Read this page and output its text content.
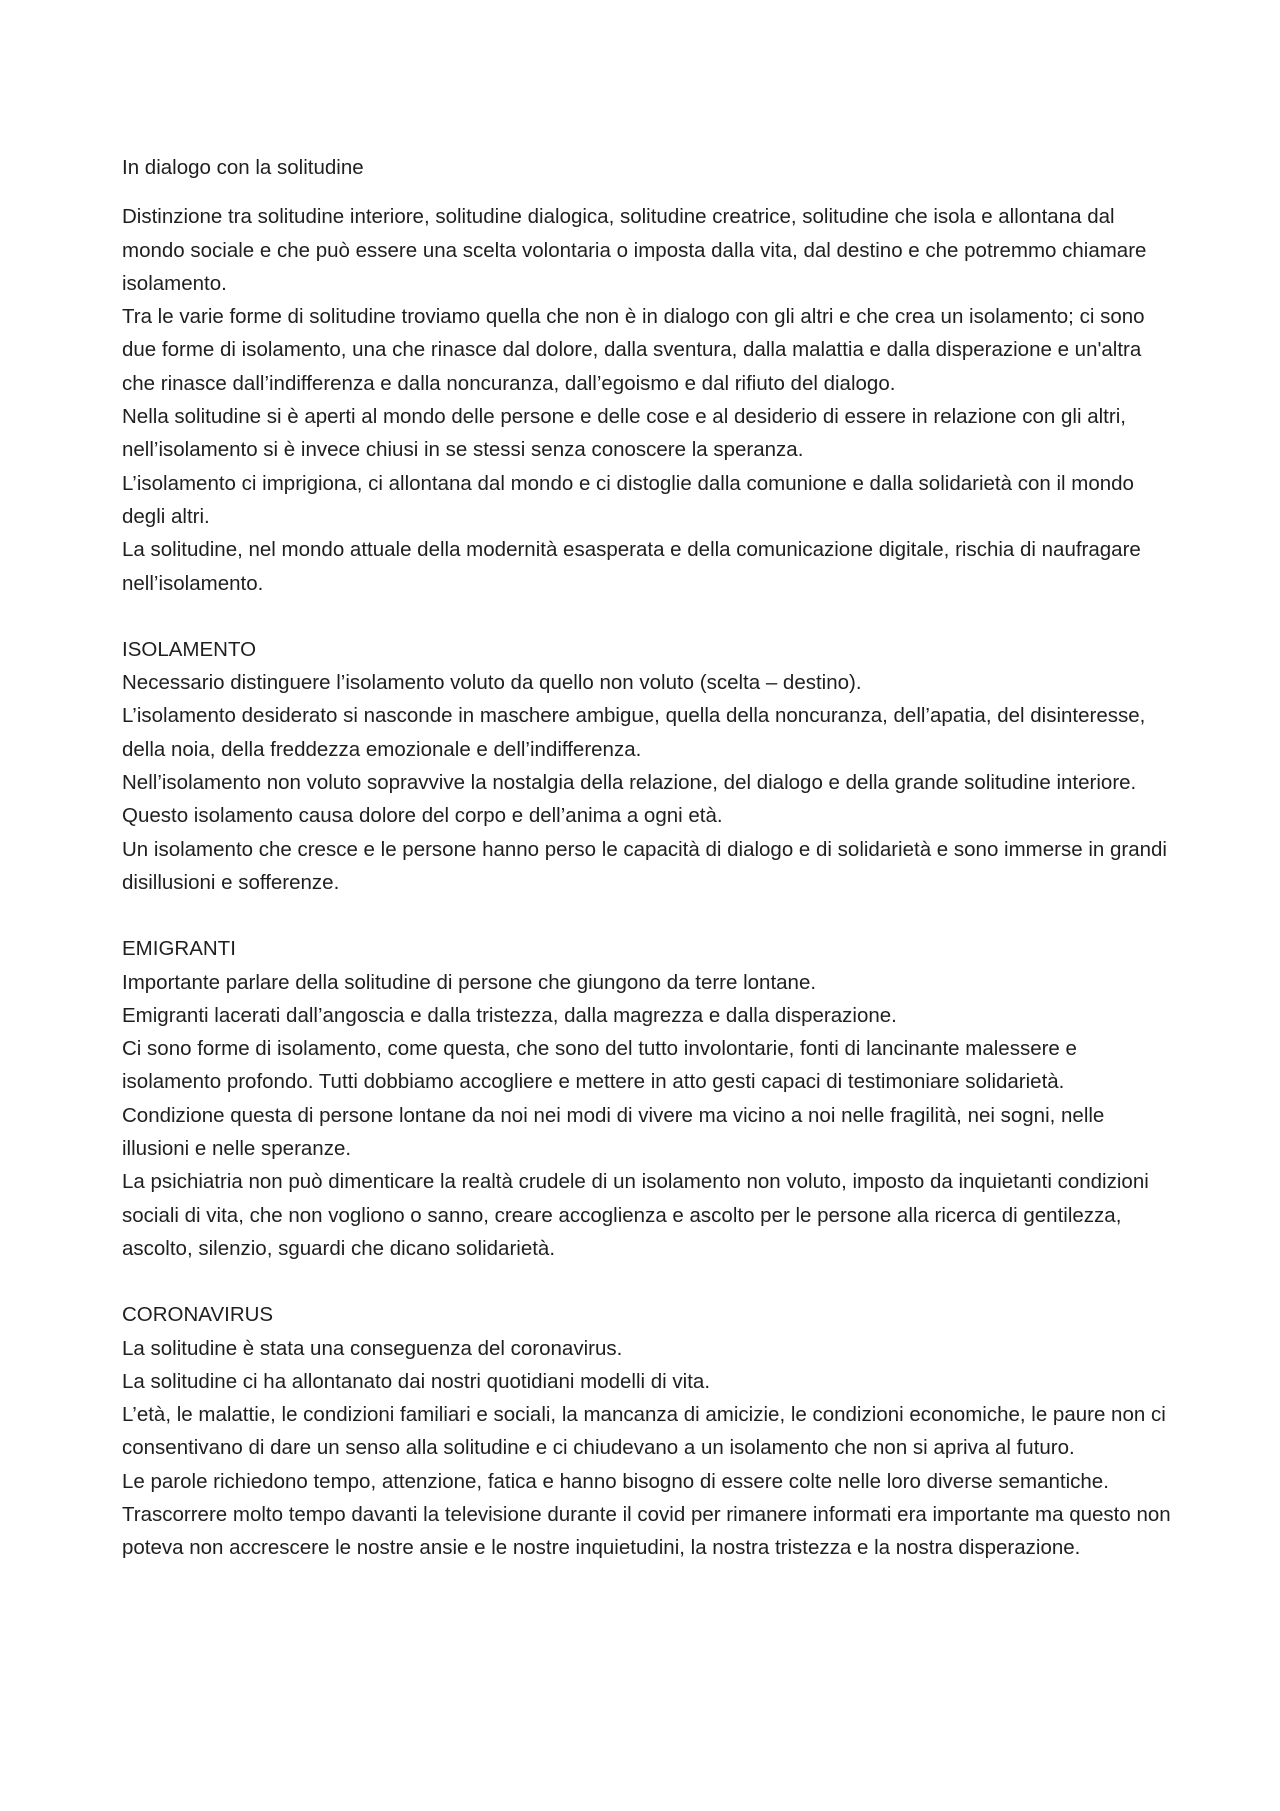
In dialogo con la solitudine

Distinzione tra solitudine interiore, solitudine dialogica, solitudine creatrice, solitudine che isola e allontana dal mondo sociale e che può essere una scelta volontaria o imposta dalla vita, dal destino e che potremmo chiamare isolamento.

Tra le varie forme di solitudine troviamo quella che non è in dialogo con gli altri e che crea un isolamento; ci sono due forme di isolamento, una che rinasce dal dolore, dalla sventura, dalla malattia e dalla disperazione e un'altra che rinasce dall’indifferenza e dalla noncuranza, dall’egoismo e dal rifiuto del dialogo.

Nella solitudine si è aperti al mondo delle persone e delle cose e al desiderio di essere in relazione con gli altri, nell’isolamento si è invece chiusi in se stessi senza conoscere la speranza.

L’isolamento ci imprigiona, ci allontana dal mondo e ci distoglie dalla comunione e dalla solidarietà con il mondo degli altri.

La solitudine, nel mondo attuale della modernità esasperata e della comunicazione digitale, rischia di naufragare nell’isolamento.

ISOLAMENTO

Necessario distinguere l’isolamento voluto da quello non voluto (scelta – destino).

L’isolamento desiderato si nasconde in maschere ambigue, quella della noncuranza, dell’apatia, del disinteresse, della noia, della freddezza emozionale e dell’indifferenza.

Nell’isolamento non voluto sopravvive la nostalgia della relazione, del dialogo e della grande solitudine interiore. Questo isolamento causa dolore del corpo e dell’anima a ogni età.

Un isolamento che cresce e le persone hanno perso le capacità di dialogo e di solidarietà e sono immerse in grandi disillusioni e sofferenze.

EMIGRANTI

Importante parlare della solitudine di persone che giungono da terre lontane.

Emigranti lacerati dall’angoscia e dalla tristezza, dalla magrezza e dalla disperazione.

Ci sono forme di isolamento, come questa, che sono del tutto involontarie, fonti di lancinante malessere e isolamento profondo. Tutti dobbiamo accogliere e mettere in atto gesti capaci di testimoniare solidarietà.

Condizione questa di persone lontane da noi nei modi di vivere ma vicino a noi nelle fragilità, nei sogni, nelle illusioni e nelle speranze.

La psichiatria non può dimenticare la realtà crudele di un isolamento non voluto, imposto da inquietanti condizioni sociali di vita, che non vogliono o sanno, creare accoglienza e ascolto per le persone alla ricerca di gentilezza, ascolto, silenzio, sguardi che dicano solidarietà.

CORONAVIRUS

La solitudine è stata una conseguenza del coronavirus.

La solitudine ci ha allontanato dai nostri quotidiani modelli di vita.

L’età, le malattie, le condizioni familiari e sociali, la mancanza di amicizie, le condizioni economiche, le paure non ci consentivano di dare un senso alla solitudine e ci chiudevano a un isolamento che non si apriva al futuro.

Le parole richiedono tempo, attenzione, fatica e hanno bisogno di essere colte nelle loro diverse semantiche.

Trascorrere molto tempo davanti la televisione durante il covid per rimanere informati era importante ma questo non poteva non accrescere le nostre ansie e le nostre inquietudini, la nostra tristezza e la nostra disperazione.
